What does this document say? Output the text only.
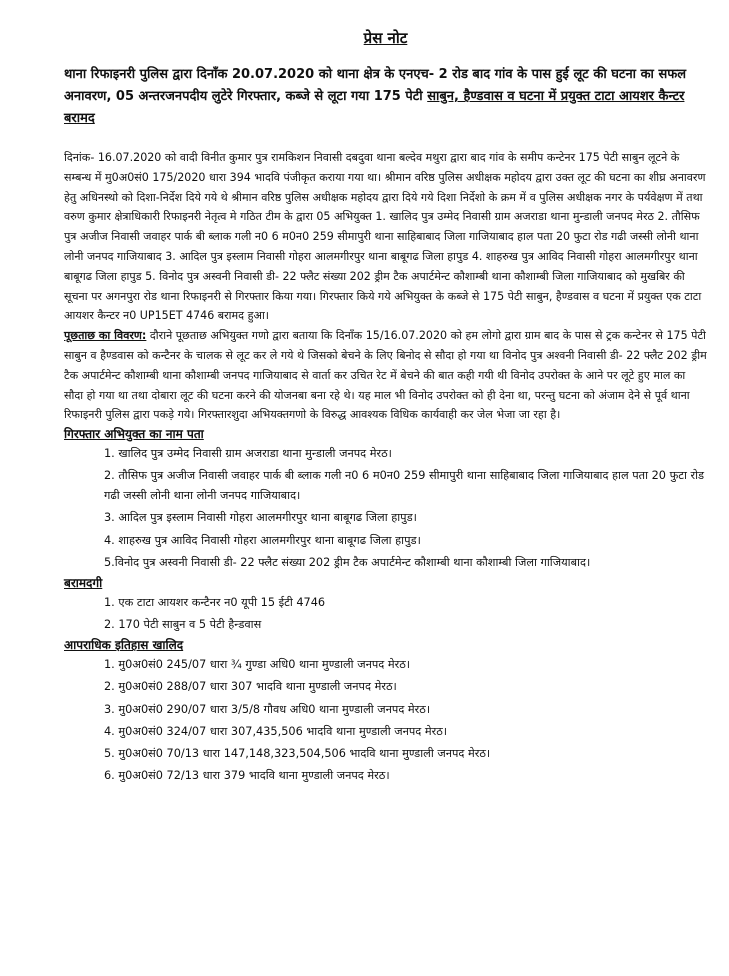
प्रेस नोट

थाना रिफाइनरी पुलिस द्वारा दिनाँक 20.07.2020 को थाना क्षेत्र के एनएच- 2 रोड बाद गांव के पास हुई लूट की घटना का सफल अनावरण, 05 अन्तरजनपदीय लुटेरे गिरफ्तार, कब्जे से लूटा गया 175 पेटी साबुन, हैण्डवास व घटना में प्रयुक्त टाटा आयशर कैन्टर बरामद

दिनांक- 16.07.2020 को वादी विनीत कुमार पुत्र रामकिशन निवासी दबदुवा थाना बल्देव मथुरा द्वारा बाद गांव के समीप कन्टेनर 175 पेटी साबुन लूटने के सम्बन्ध में मु0अ0सं0 175/2020 धारा 394 भादवि पंजीकृत कराया गया था। श्रीमान वरिष्ठ पुलिस अधीक्षक महोदय द्वारा उक्त लूट की घटना का शीघ्र अनावरण हेतु अधिनस्थो को दिशा-निर्देश दिये गये थे श्रीमान वरिष्ठ पुलिस अधीक्षक महोदय द्वारा दिये गये दिशा निर्देशो के क्रम में व पुलिस अधीक्षक नगर के पर्यवेक्षण में तथा वरुण कुमार क्षेत्राधिकारी रिफाइनरी नेतृत्व मे गठित टीम के द्वारा 05 अभियुक्त 1. खालिद पुत्र उम्मेद निवासी ग्राम अजराडा थाना मुन्डाली जनपद मेरठ 2. तौसिफ पुत्र अजीज निवासी जवाहर पार्क बी ब्लाक गली न0 6 म0न0 259 सीमापुरी थाना साहिबाबाद जिला गाजियाबाद हाल पता 20 फुटा रोड गढी जस्सी लोनी थाना लोनी जनपद गाजियाबाद 3. आदिल पुत्र इस्लाम निवासी गोहरा आलमगीरपुर थाना बाबूगढ जिला हापुड 4. शाहरुख पुत्र आविद निवासी गोहरा आलमगीरपुर थाना बाबूगढ जिला हापुड 5. विनोद पुत्र अस्वनी निवासी डी- 22 फ्लैट संख्या 202 ड्रीम टैक अपार्टमेन्ट कौशाम्बी थाना कौशाम्बी जिला गाजियाबाद को मुखबिर की सूचना पर अगनपुरा रोड थाना रिफाइनरी से गिरफ्तार किया गया। गिरफ्तार किये गये अभियुक्त के कब्जे से 175 पेटी साबुन, हैण्डवास व घटना में प्रयुक्त एक टाटा आयशर कैन्टर न0 UP15ET 4746 बरामद हुआ।

पूछताछ का विवरण: दौराने पूछताछ अभियुक्त गणो द्वारा बताया कि दिनाँक 15/16.07.2020 को हम लोगो द्वारा ग्राम बाद के पास से ट्रक कन्टेनर से 175 पेटी साबुन व हैण्डवास को कन्टैनर के चालक से लूट कर ले गये थे जिसको बेचने के लिए बिनोद से सौदा हो गया था विनोद पुत्र अश्वनी निवासी डी- 22 फ्लैट 202 ड्रीम टैक अपार्टमेन्ट कौशाम्बी थाना कौशाम्बी जनपद गाजियाबाद से वार्ता कर उचित रेट में बेचने की बात कही गयी थी विनोद उपरोक्त के आने पर लूटे हुए माल का सौदा हो गया था तथा दोबारा लूट की घटना करने की योजनबा बना रहे थे। यह माल भी विनोद उपरोक्त को ही देना था, परन्तु घटना को अंजाम देने से पूर्व थाना रिफाइनरी पुलिस द्वारा पकड़े गये। गिरफ्तारशुदा अभियक्तगणो के विरुद्ध आवश्यक विधिक कार्यवाही कर जेल भेजा जा रहा है।

गिरफ्तार अभियुक्त का नाम पता
1. खालिद पुत्र उम्मेद निवासी ग्राम अजराडा थाना मुन्डाली जनपद मेरठ।
2. तौसिफ पुत्र अजीज निवासी जवाहर पार्क बी ब्लाक गली न0 6 म0न0 259 सीमापुरी थाना साहिबाबाद जिला गाजियाबाद हाल पता 20 फुटा रोड गढी जस्सी लोनी थाना लोनी जनपद गाजियाबाद।
3. आदिल पुत्र इस्लाम निवासी गोहरा आलमगीरपुर थाना बाबूगढ जिला हापुड।
4. शाहरुख पुत्र आविद निवासी गोहरा आलमगीरपुर थाना बाबूगढ जिला हापुड।
5.विनोद पुत्र अस्वनी निवासी डी- 22 फ्लैट संख्या 202 ड्रीम टैक अपार्टमेन्ट कौशाम्बी थाना कौशाम्बी जिला गाजियाबाद।
बरामदगी
1. एक टाटा आयशर कन्टैनर न0 यूपी 15 ईटी 4746
2. 170 पेटी साबुन व 5 पेटी हैन्डवास
आपराधिक इतिहास खालिद
1. मु0अ0सं0 245/07 धारा ¾ गुण्डा अधि0 थाना मुण्डाली जनपद मेरठ।
2. मु0अ0सं0 288/07 धारा 307 भादवि थाना मुण्डाली जनपद मेरठ।
3. मु0अ0सं0 290/07 धारा 3/5/8 गौवध अधि0 थाना मुण्डाली जनपद मेरठ।
4. मु0अ0सं0 324/07 धारा 307,435,506 भादवि थाना मुण्डाली जनपद मेरठ।
5. मु0अ0सं0 70/13 धारा 147,148,323,504,506 भादवि थाना मुण्डाली जनपद मेरठ।
6. मु0अ0सं0 72/13 धारा 379 भादवि थाना मुण्डाली जनपद मेरठ।
